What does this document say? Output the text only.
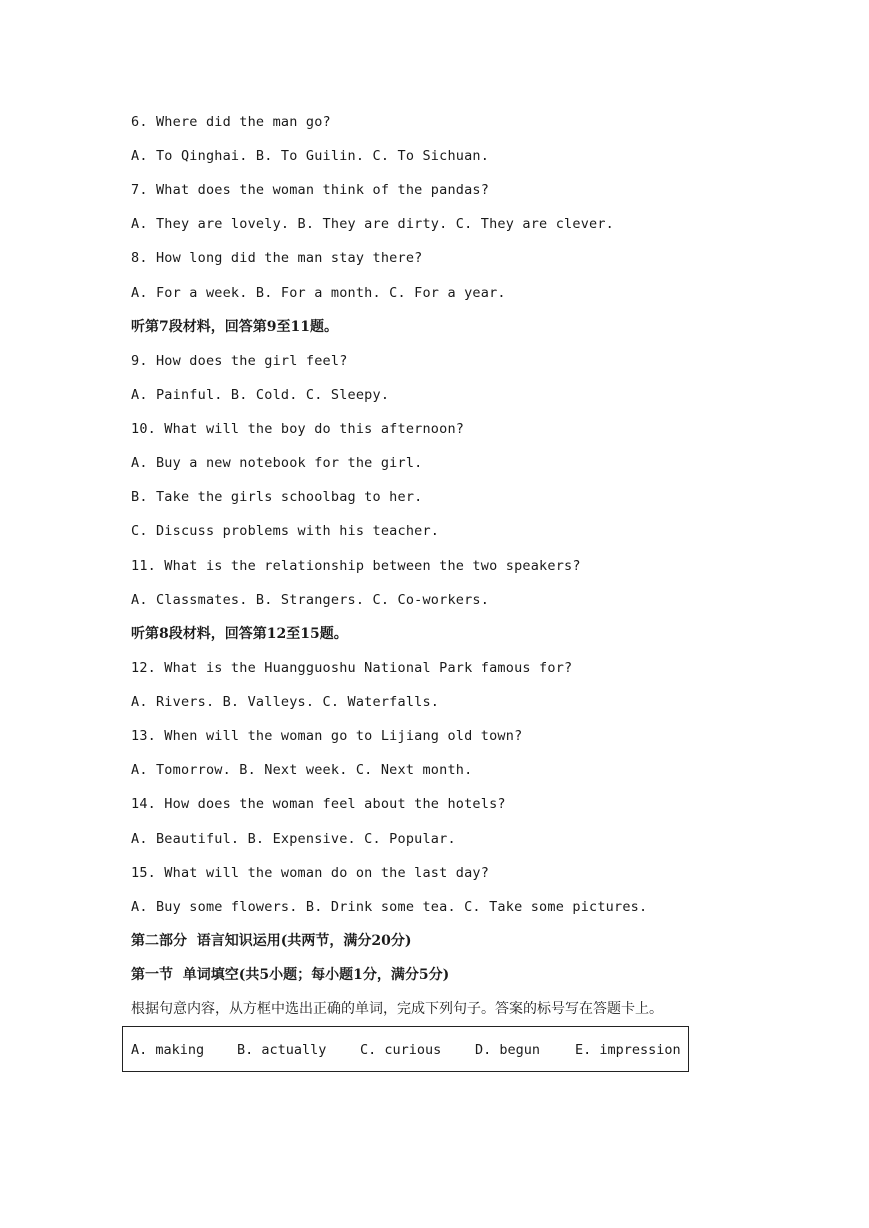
6. Where did the man go?
A. To Qinghai. B. To Guilin. C. To Sichuan.
7. What does the woman think of the pandas?
A. They are lovely. B. They are dirty. C. They are clever.
8. How long did the man stay there?
A. For a week. B. For a month. C. For a year.
听第7段材料，回答第9至11题。
9. How does the girl feel?
A. Painful. B. Cold. C. Sleepy.
10. What will the boy do this afternoon?
A. Buy a new notebook for the girl.
B. Take the girls schoolbag to her.
C. Discuss problems with his teacher.
11. What is the relationship between the two speakers?
A. Classmates. B. Strangers. C. Co-workers.
听第8段材料，回答第12至15题。
12. What is the Huangguoshu National Park famous for?
A. Rivers. B. Valleys. C. Waterfalls.
13. When will the woman go to Lijiang old town?
A. Tomorrow. B. Next week. C. Next month.
14. How does the woman feel about the hotels?
A. Beautiful. B. Expensive. C. Popular.
15. What will the woman do on the last day?
A. Buy some flowers. B. Drink some tea. C. Take some pictures.
第二部分  语言知识运用(共两节，满分20分)
第一节  单词填空(共5小题；每小题1分，满分5分)
根据句意内容，从方框中选出正确的单词，完成下列句子。答案的标号写在答题卡上。
A. making B. actually C. curious D. begun	E. impression
